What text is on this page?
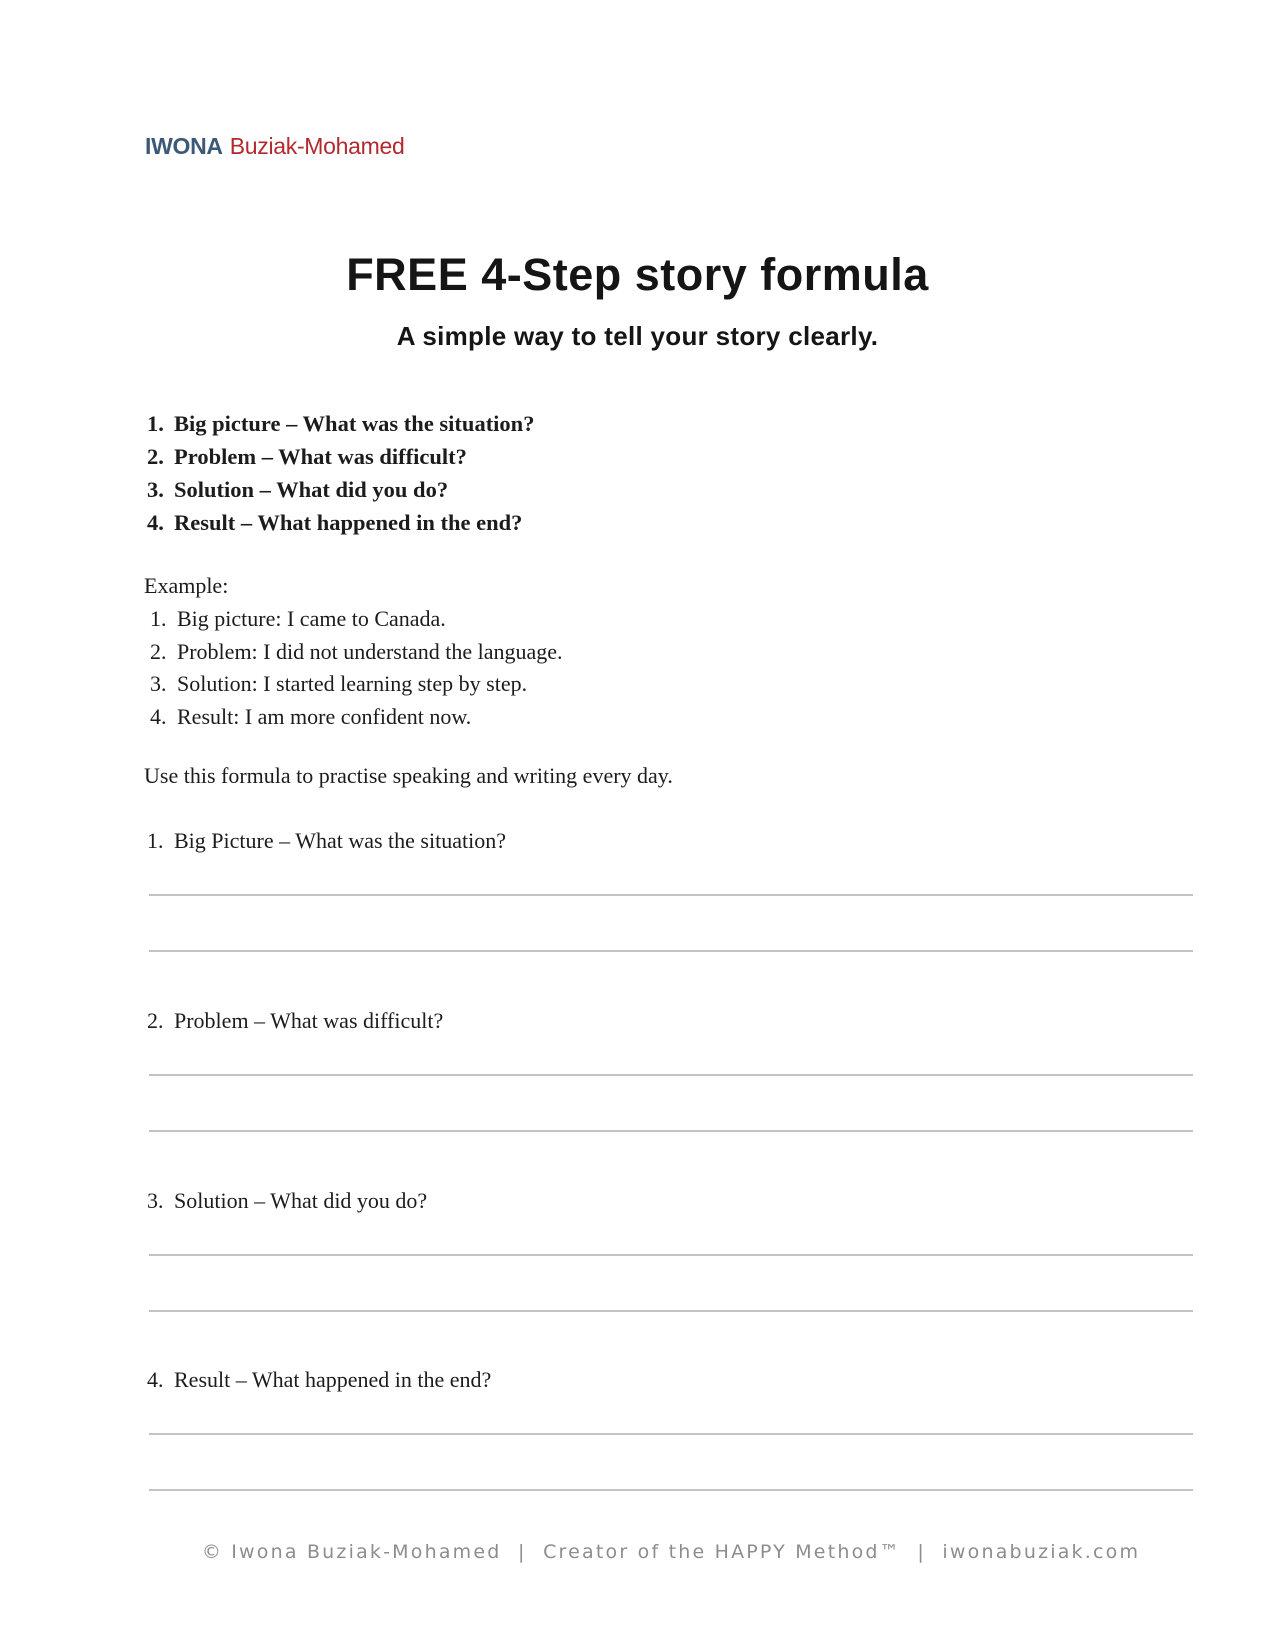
IWONA Buziak-Mohamed
FREE 4-Step story formula
A simple way to tell your story clearly.
1. Big picture – What was the situation?
2. Problem – What was difficult?
3. Solution – What did you do?
4. Result – What happened in the end?
Example:
1. Big picture: I came to Canada.
2. Problem: I did not understand the language.
3. Solution: I started learning step by step.
4. Result: I am more confident now.

Use this formula to practise speaking and writing every day.

1. Big Picture – What was the situation?
2. Problem – What was difficult?
3. Solution – What did you do?
4. Result – What happened in the end?
© Iwona Buziak-Mohamed  |  Creator of the HAPPY Method™  |  iwonabuziak.com
